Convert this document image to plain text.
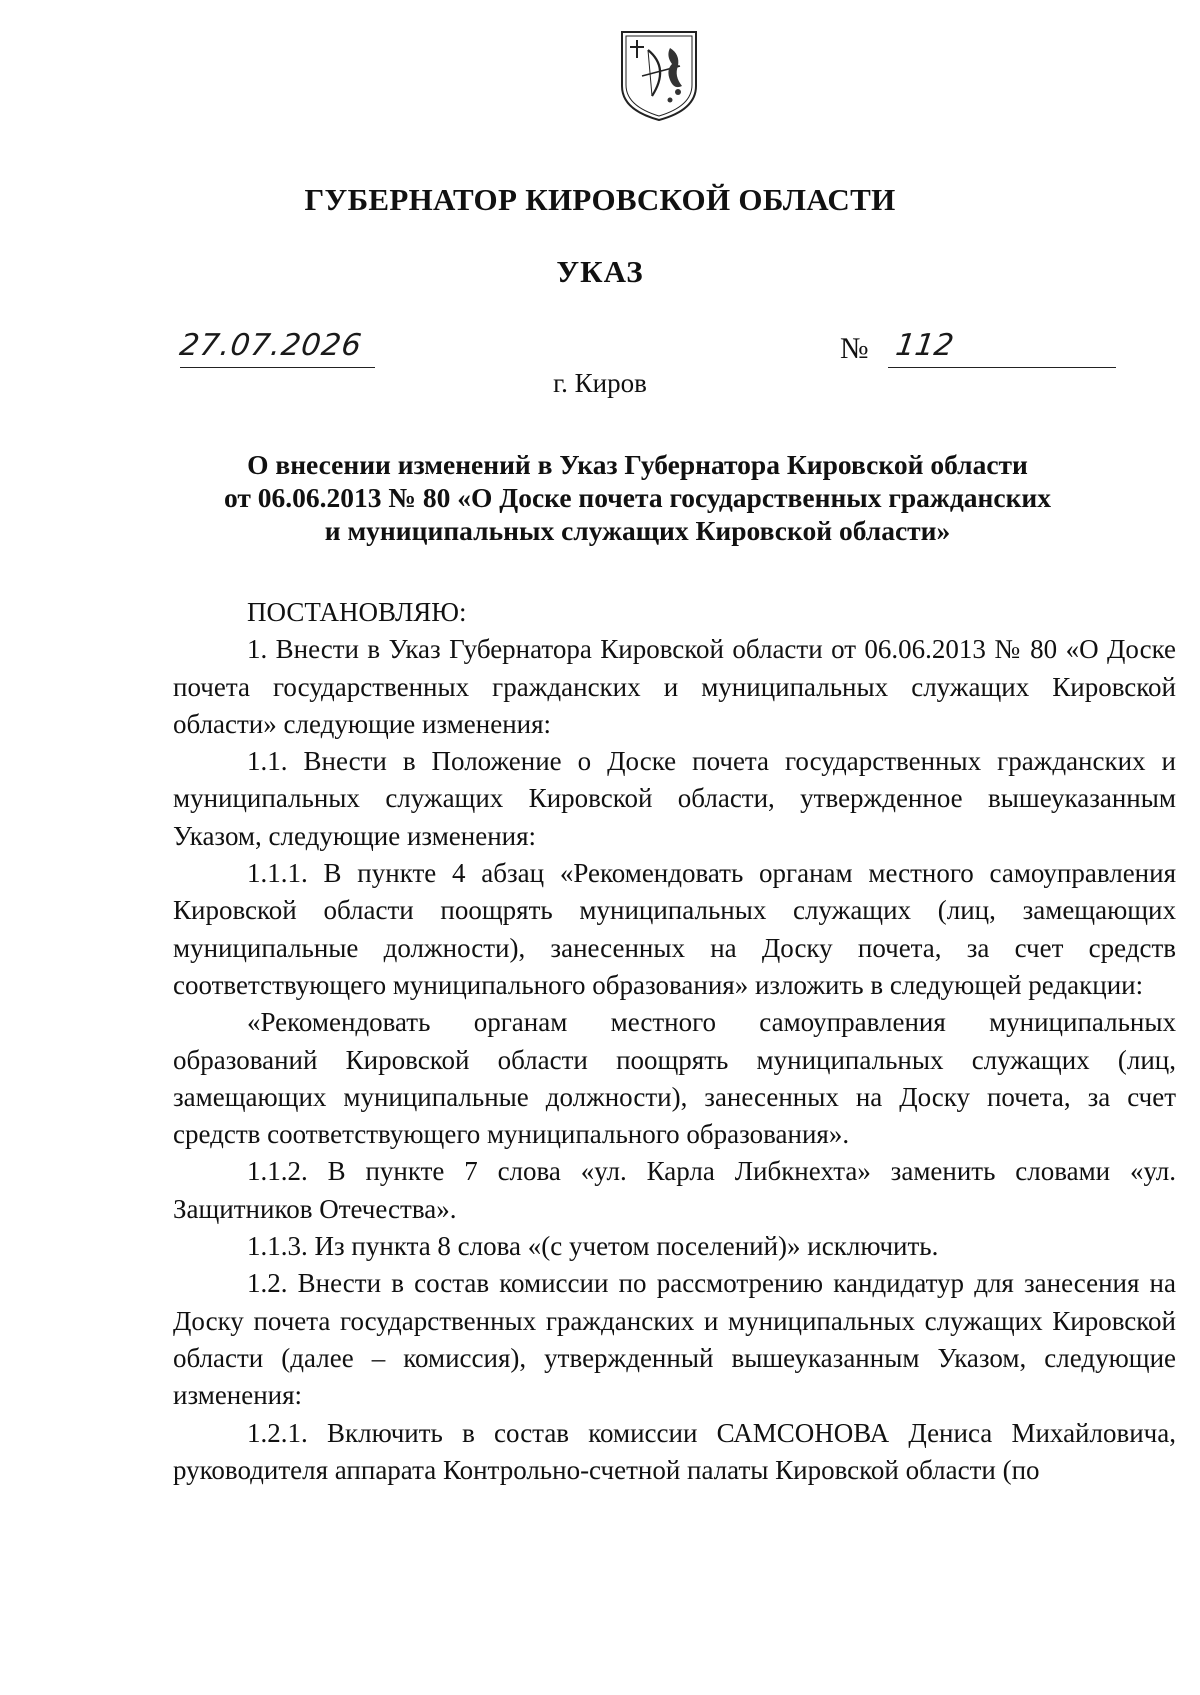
ГУБЕРНАТОР КИРОВСКОЙ ОБЛАСТИ
УКАЗ
27.07.2026	№ 112
г. Киров
О внесении изменений в Указ Губернатора Кировской области
от 06.06.2013 № 80 «О Доске почета государственных гражданских
и муниципальных служащих Кировской области»

ПОСТАНОВЛЯЮ:

1. Внести в Указ Губернатора Кировской области от 06.06.2013 № 80 «О Доске почета государственных гражданских и муниципальных служащих Кировской области» следующие изменения:

1.1. Внести в Положение о Доске почета государственных гражданских и муниципальных служащих Кировской области, утвержденное вышеуказанным Указом, следующие изменения:

1.1.1. В пункте 4 абзац «Рекомендовать органам местного самоуправления Кировской области поощрять муниципальных служащих (лиц, замещающих муниципальные должности), занесенных на Доску почета, за счет средств соответствующего муниципального образования» изложить в следующей редакции:

«Рекомендовать органам местного самоуправления муниципальных образований Кировской области поощрять муниципальных служащих (лиц, замещающих муниципальные должности), занесенных на Доску почета, за счет средств соответствующего муниципального образования».

1.1.2. В пункте 7 слова «ул. Карла Либкнехта» заменить словами «ул. Защитников Отечества».

1.1.3. Из пункта 8 слова «(с учетом поселений)» исключить.

1.2. Внести в состав комиссии по рассмотрению кандидатур для занесения на Доску почета государственных гражданских и муниципальных служащих Кировской области (далее – комиссия), утвержденный вышеуказанным Указом, следующие изменения:

1.2.1. Включить в состав комиссии САМСОНОВА Дениса Михайловича, руководителя аппарата Контрольно-счетной палаты Кировской области (по
